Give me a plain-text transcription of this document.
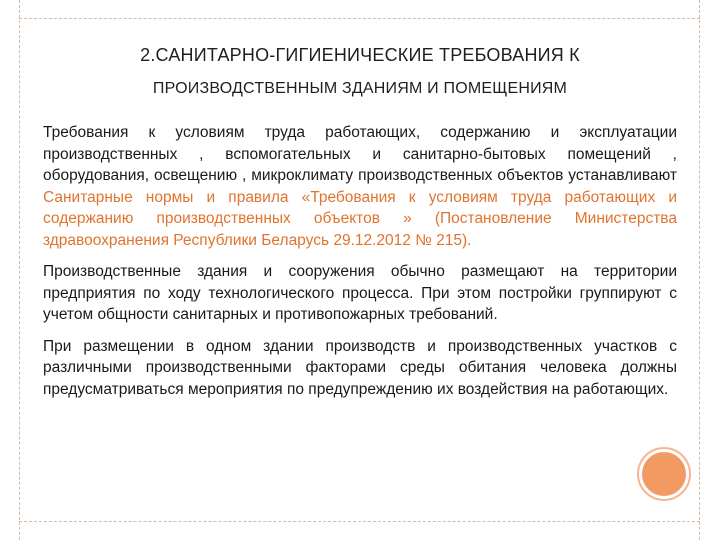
2.САНИТАРНО-ГИГИЕНИЧЕСКИЕ ТРЕБОВАНИЯ К
ПРОИЗВОДСТВЕННЫМ ЗДАНИЯМ И ПОМЕЩЕНИЯМ

Требования к условиям труда работающих, содержанию и эксплуатации производственных , вспомогательных и санитарно-бытовых помещений , оборудования, освещению , микроклимату производственных объектов устанавливают Санитарные нормы и правила «Требования к условиям труда работающих и содержанию производственных объектов » (Постановление Министерства здравоохранения Республики Беларусь 29.12.2012 № 215).

Производственные здания и сооружения обычно размещают на территории предприятия по ходу технологического процесса. При этом постройки группируют с учетом общности санитарных и противопожарных требований.

При размещении в одном здании производств и производственных участков с различными производственными факторами среды обитания человека должны предусматриваться мероприятия по предупреждению их воздействия на работающих.
